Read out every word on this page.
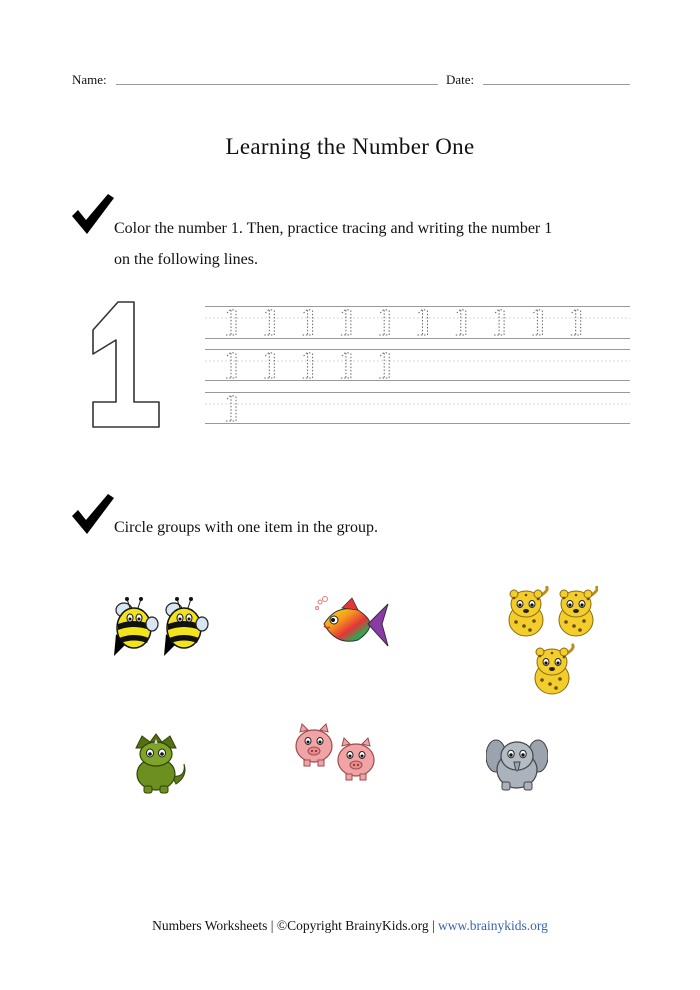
Name:	Date:
Learning the Number One
Color the number 1. Then, practice tracing and writing the number 1
on the following lines.
Circle groups with one item in the group.
Numbers Worksheets | ©Copyright BrainyKids.org | www.brainykids.org
